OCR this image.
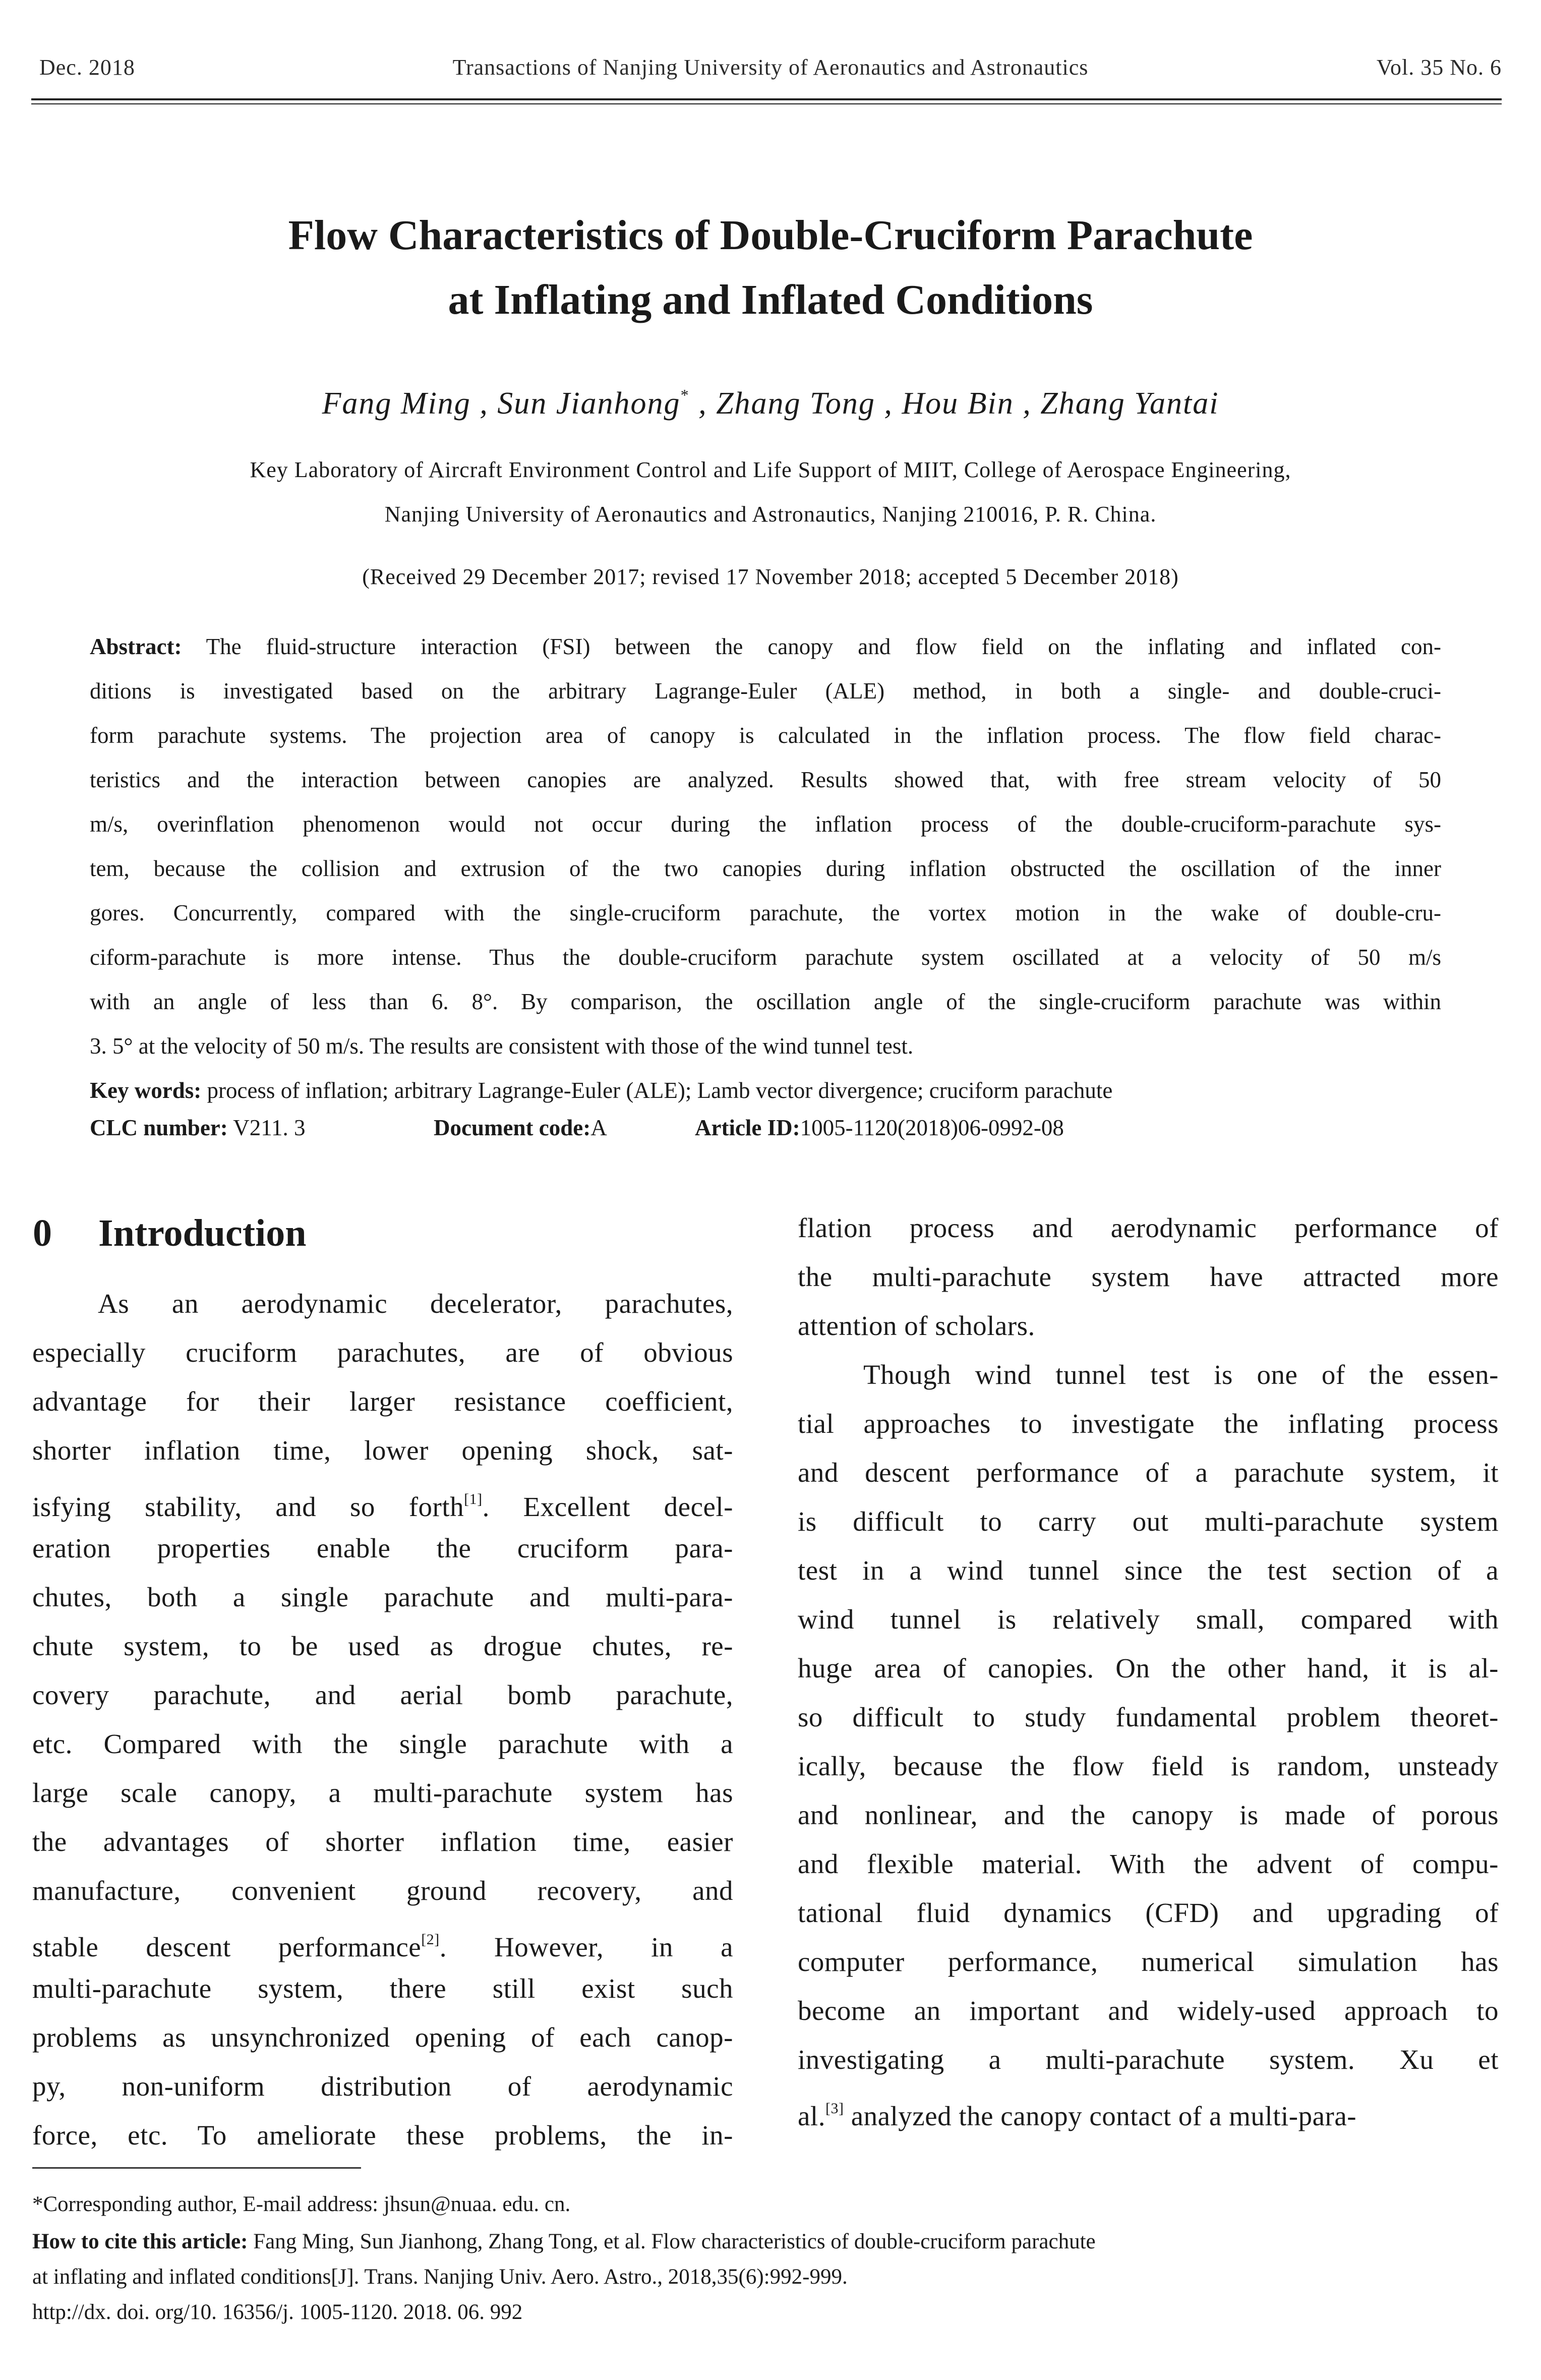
Dec. 2018	Transactions of Nanjing University of Aeronautics and Astronautics	Vol. 35 No. 6
Flow Characteristics of Double-Cruciform Parachute
at Inflating and Inflated Conditions
Fang Ming , Sun Jianhong* , Zhang Tong , Hou Bin , Zhang Yantai
Key Laboratory of Aircraft Environment Control and Life Support of MIIT, College of Aerospace Engineering,
Nanjing University of Aeronautics and Astronautics, Nanjing 210016, P. R. China.
(Received 29 December 2017; revised 17 November 2018; accepted 5 December 2018)
Abstract: The fluid-structure interaction (FSI) between the canopy and flow field on the inflating and inflated con-
ditions is investigated based on the arbitrary Lagrange-Euler (ALE) method, in both a single- and double-cruci-
form parachute systems. The projection area of canopy is calculated in the inflation process. The flow field charac-
teristics and the interaction between canopies are analyzed. Results showed that, with free stream velocity of 50
m/s, overinflation phenomenon would not occur during the inflation process of the double-cruciform-parachute sys-
tem, because the collision and extrusion of the two canopies during inflation obstructed the oscillation of the inner
gores. Concurrently, compared with the single-cruciform parachute, the vortex motion in the wake of double-cru-
ciform-parachute is more intense. Thus the double-cruciform parachute system oscillated at a velocity of 50 m/s
with an angle of less than 6. 8°. By comparison, the oscillation angle of the single-cruciform parachute was within
3. 5° at the velocity of 50 m/s. The results are consistent with those of the wind tunnel test.
Key words: process of inflation; arbitrary Lagrange-Euler (ALE); Lamb vector divergence; cruciform parachute
CLC number: V211. 3	Document code:A	Article ID:1005-1120(2018)06-0992-08
0 Introduction
As an aerodynamic decelerator, parachutes,
especially cruciform parachutes, are of obvious
advantage for their larger resistance coefficient,
shorter inflation time, lower opening shock, sat-
isfying stability, and so forth[1]. Excellent decel-
eration properties enable the cruciform para-
chutes, both a single parachute and multi-para-
chute system, to be used as drogue chutes, re-
covery parachute, and aerial bomb parachute,
etc. Compared with the single parachute with a
large scale canopy, a multi-parachute system has
the advantages of shorter inflation time, easier
manufacture, convenient ground recovery, and
stable descent performance[2]. However, in a
multi-parachute system, there still exist such
problems as unsynchronized opening of each canop-
py, non-uniform distribution of aerodynamic
force, etc. To ameliorate these problems, the in-
flation process and aerodynamic performance of
the multi-parachute system have attracted more
attention of scholars.
Though wind tunnel test is one of the essen-
tial approaches to investigate the inflating process
and descent performance of a parachute system, it
is difficult to carry out multi-parachute system
test in a wind tunnel since the test section of a
wind tunnel is relatively small, compared with
huge area of canopies. On the other hand, it is al-
so difficult to study fundamental problem theoret-
ically, because the flow field is random, unsteady
and nonlinear, and the canopy is made of porous
and flexible material. With the advent of compu-
tational fluid dynamics (CFD) and upgrading of
computer performance, numerical simulation has
become an important and widely-used approach to
investigating a multi-parachute system. Xu et
al.[3] analyzed the canopy contact of a multi-para-
*Corresponding author, E-mail address: jhsun@nuaa. edu. cn.
How to cite this article: Fang Ming, Sun Jianhong, Zhang Tong, et al. Flow characteristics of double-cruciform parachute
at inflating and inflated conditions[J]. Trans. Nanjing Univ. Aero. Astro., 2018,35(6):992-999.
http://dx. doi. org/10. 16356/j. 1005-1120. 2018. 06. 992
